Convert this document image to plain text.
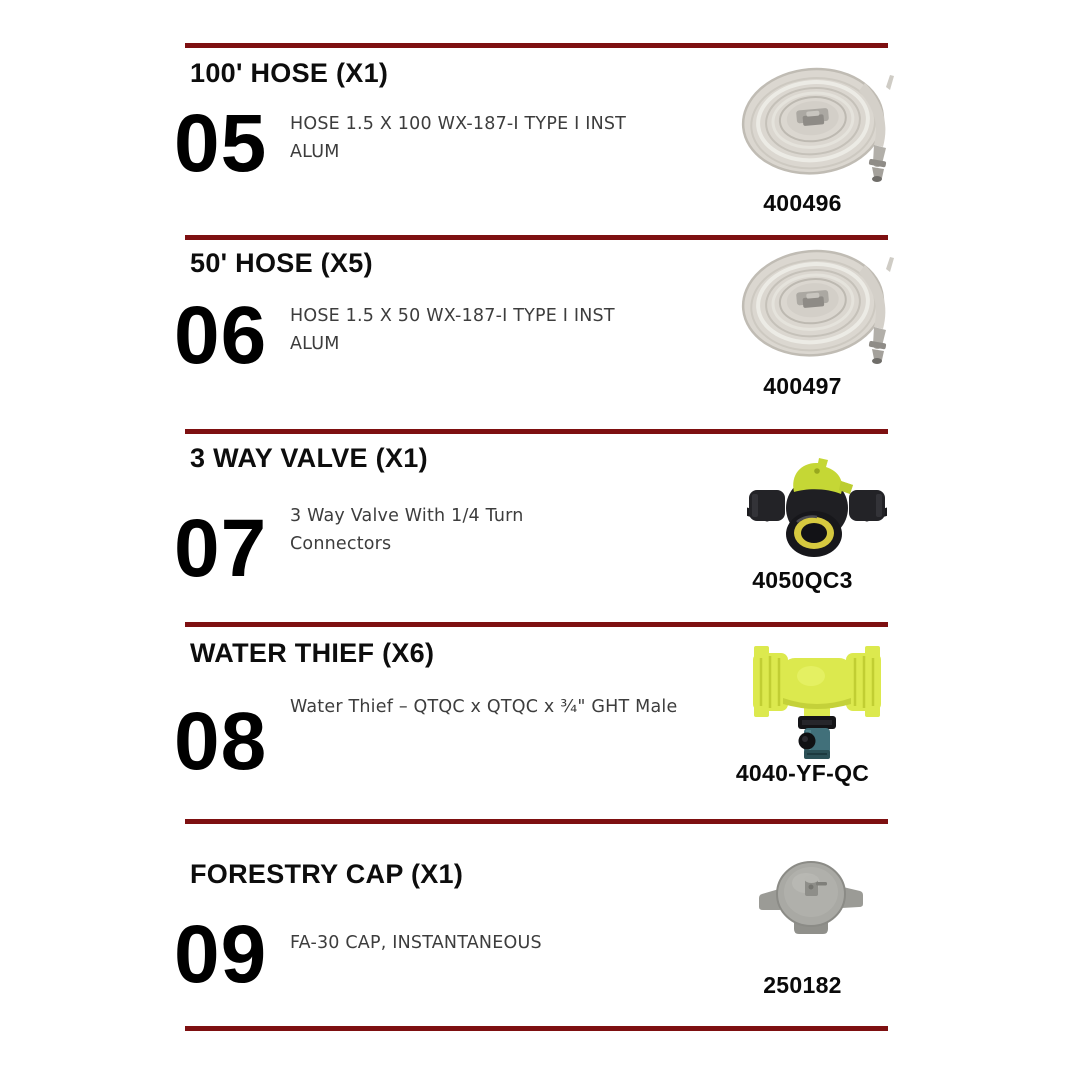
100' HOSE (X1)
05 HOSE 1.5 X 100 WX-187-I TYPE I INST
ALUM
400496
50' HOSE (X5)
06 HOSE 1.5 X 50 WX-187-I TYPE I INST
ALUM
400497
3 WAY VALVE (X1)
07 3 Way Valve With 1/4 Turn
Connectors
4050QC3
WATER THIEF (X6)
08 Water Thief – QTQC x QTQC x ¾" GHT Male
4040-YF-QC
FORESTRY CAP (X1)
09 FA-30 CAP, INSTANTANEOUS
250182
